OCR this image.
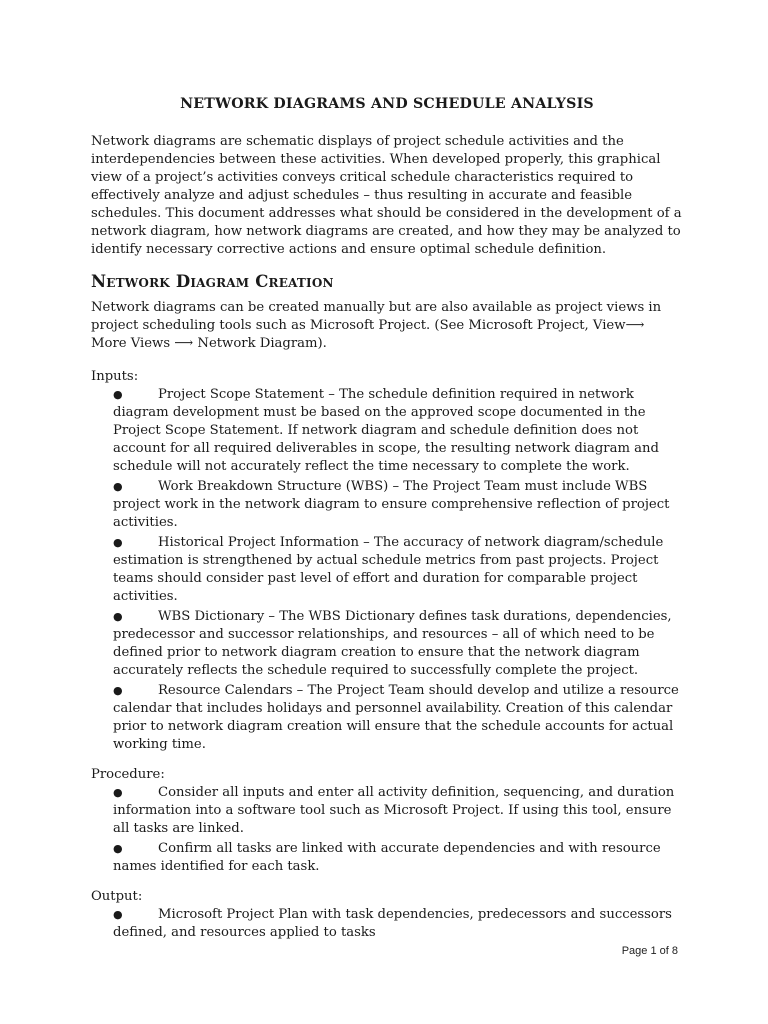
NETWORK DIAGRAMS AND SCHEDULE ANALYSIS

Network diagrams are schematic displays of project schedule activities and the interdependencies between these activities. When developed properly, this graphical view of a project’s activities conveys critical schedule characteristics required to effectively analyze and adjust schedules – thus resulting in accurate and feasible schedules. This document addresses what should be considered in the development of a network diagram, how network diagrams are created, and how they may be analyzed to identify necessary corrective actions and ensure optimal schedule definition.

Network Diagram Creation

Network diagrams can be created manually but are also available as project views in project scheduling tools such as Microsoft Project. (See Microsoft Project, View⟶ More Views ⟶ Network Diagram).

Inputs:

●	Project Scope Statement – The schedule definition required in network diagram development must be based on the approved scope documented in the Project Scope Statement. If network diagram and schedule definition does not account for all required deliverables in scope, the resulting network diagram and schedule will not accurately reflect the time necessary to complete the work.
●	Work Breakdown Structure (WBS) – The Project Team must include WBS project work in the network diagram to ensure comprehensive reflection of project activities.
●	Historical Project Information – The accuracy of network diagram/schedule estimation is strengthened by actual schedule metrics from past projects. Project teams should consider past level of effort and duration for comparable project activities.
●	WBS Dictionary – The WBS Dictionary defines task durations, dependencies, predecessor and successor relationships, and resources – all of which need to be defined prior to network diagram creation to ensure that the network diagram accurately reflects the schedule required to successfully complete the project.
●	Resource Calendars – The Project Team should develop and utilize a resource calendar that includes holidays and personnel availability. Creation of this calendar prior to network diagram creation will ensure that the schedule accounts for actual working time.

Procedure:

●	Consider all inputs and enter all activity definition, sequencing, and duration information into a software tool such as Microsoft Project. If using this tool, ensure all tasks are linked.
●	Confirm all tasks are linked with accurate dependencies and with resource names identified for each task.

Output:

●	Microsoft Project Plan with task dependencies, predecessors and successors defined, and resources applied to tasks
Page 1 of 8
